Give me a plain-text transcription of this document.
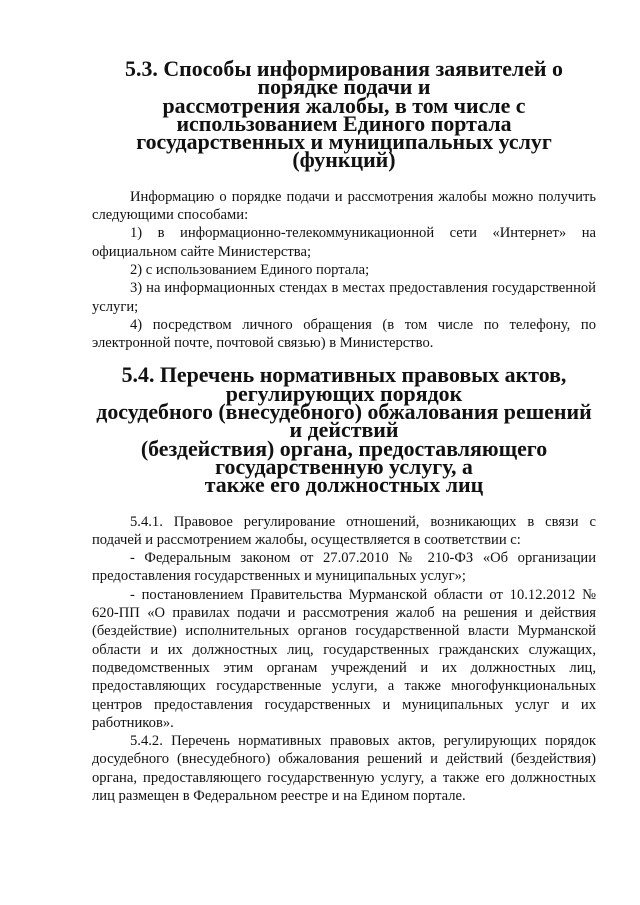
5.3. Способы информирования заявителей о порядке подачи и
рассмотрения жалобы, в том числе с использованием Единого портала
государственных и муниципальных услуг (функций)

Информацию о порядке подачи и рассмотрения жалобы можно получить следующими способами:

1) в информационно-телекоммуникационной сети «Интернет» на официальном сайте Министерства;

2) с использованием Единого портала;

3) на информационных стендах в местах предоставления государственной услуги;

4) посредством личного обращения (в том числе по телефону, по электронной почте, почтовой связью) в Министерство.

5.4. Перечень нормативных правовых актов, регулирующих порядок
досудебного (внесудебного) обжалования решений и действий
(бездействия) органа, предоставляющего государственную услугу, а
также его должностных лиц

5.4.1. Правовое регулирование отношений, возникающих в связи с подачей и рассмотрением жалобы, осуществляется в соответствии с:

- Федеральным законом от 27.07.2010 № 210-ФЗ «Об организации предоставления государственных и муниципальных услуг»;

- постановлением Правительства Мурманской области от 10.12.2012 № 620-ПП «О правилах подачи и рассмотрения жалоб на решения и действия (бездействие) исполнительных органов государственной власти Мурманской области и их должностных лиц, государственных гражданских служащих, подведомственных этим органам учреждений и их должностных лиц, предоставляющих государственные услуги, а также многофункциональных центров предоставления государственных и муниципальных услуг и их работников».

5.4.2. Перечень нормативных правовых актов, регулирующих порядок досудебного (внесудебного) обжалования решений и действий (бездействия) органа, предоставляющего государственную услугу, а также его должностных лиц размещен в Федеральном реестре и на Едином портале.
